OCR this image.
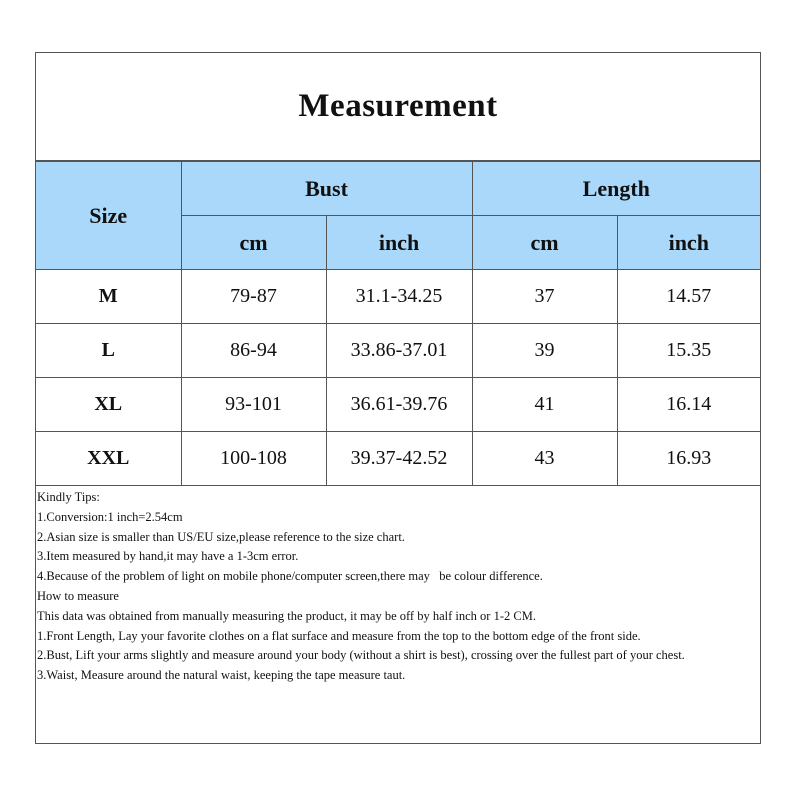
Measurement
Size	Bust		Length	
	cm	inch	cm	inch
M	79-87	31.1-34.25	37	14.57
L	86-94	33.86-37.01	39	15.35
XL	93-101	36.61-39.76	41	16.14
XXL	100-108	39.37-42.52	43	16.93
Kindly Tips:
1.Conversion:1 inch=2.54cm
2.Asian size is smaller than US/EU size,please reference to the size chart.
3.Item measured by hand,it may have a 1-3cm error.
4.Because of the problem of light on mobile phone/computer screen,there may   be colour difference.
How to measure
This data was obtained from manually measuring the product, it may be off by half inch or 1-2 CM.
1.Front Length, Lay your favorite clothes on a flat surface and measure from the top to the bottom edge of the front side.
2.Bust, Lift your arms slightly and measure around your body (without a shirt is best), crossing over the fullest part of your chest.
3.Waist, Measure around the natural waist, keeping the tape measure taut.
